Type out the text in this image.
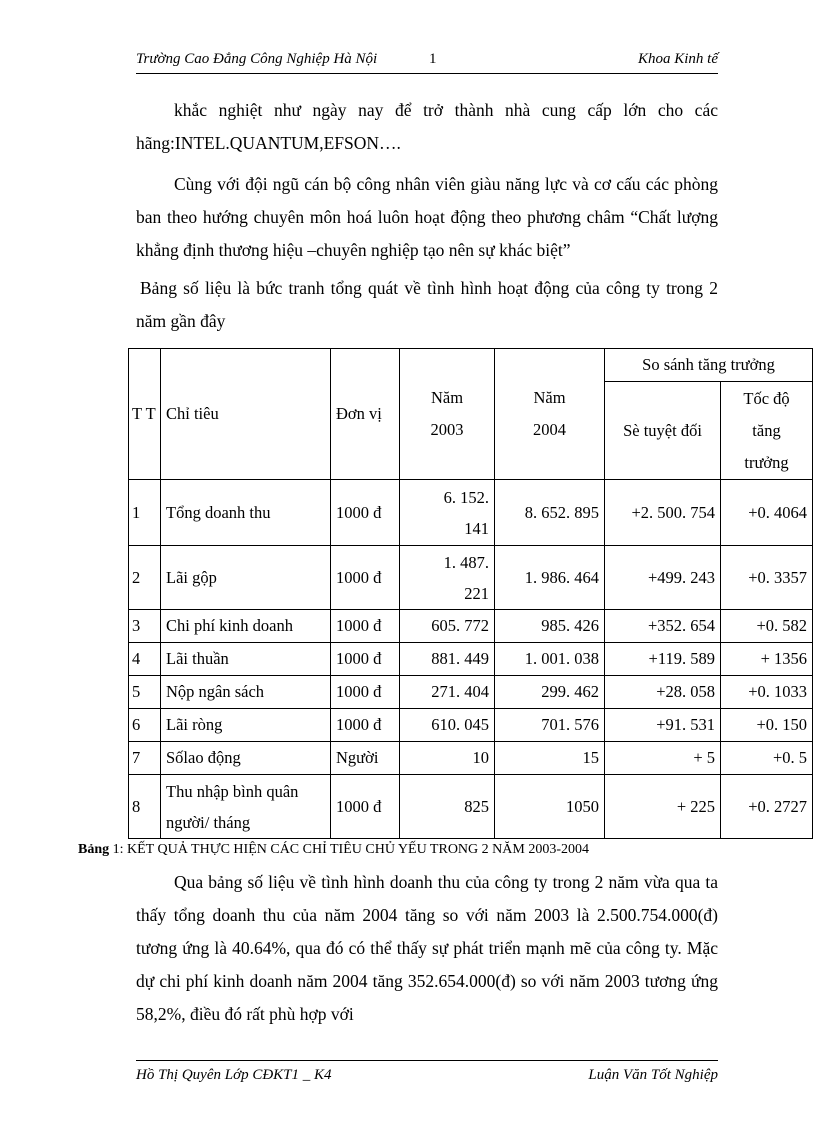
Trường Cao Đẳng Công Nghiệp Hà Nội	1	Khoa Kinh tế
khắc nghiệt như ngày nay để trở thành nhà cung cấp lớn cho các hãng:INTEL.QUANTUM,EFSON….
Cùng với đội ngũ cán bộ công nhân viên giàu năng lực và cơ cấu các phòng ban theo hướng chuyên môn hoá luôn hoạt động theo phương châm “Chất lượng khẳng định thương hiệu –chuyên nghiệp tạo nên sự khác biệt”
Bảng số liệu là bức tranh tổng quát về tình hình hoạt động của công ty trong 2 năm gần đây
T T	Chỉ tiêu	Đơn vị	Năm 2003	Năm 2004	So sánh tăng trưởng	
					Sè tuyệt đối	Tốc độ tăng trưởng
1	Tổng doanh thu	1000 đ	6. 152. 141	8. 652. 895	+2. 500. 754	+0. 4064
2	Lãi gộp	1000 đ	1. 487. 221	1. 986. 464	+499. 243	+0. 3357
3	Chi phí kinh doanh	1000 đ	605. 772	985. 426	+352. 654	+0. 582
4	Lãi thuần	1000 đ	881. 449	1. 001. 038	+119. 589	+ 1356
5	Nộp ngân sách	1000 đ	271. 404	299. 462	+28. 058	+0. 1033
6	Lãi ròng	1000 đ	610. 045	701. 576	+91. 531	+0. 150
7	Sốlao động	Người	10	15	+ 5	+0. 5
8	Thu nhập bình quân người/ tháng	1000 đ	825	1050	+ 225	+0. 2727
Bảng 1: KẾT QUẢ THỰC HIỆN CÁC CHỈ TIÊU CHỦ YẾU TRONG 2 NĂM 2003-2004
Qua bảng số liệu về tình hình doanh thu của công ty trong 2 năm vừa qua ta thấy tổng doanh thu của năm 2004 tăng so với năm 2003 là 2.500.754.000(đ) tương ứng là 40.64%, qua đó có thể thấy sự phát triển mạnh mẽ của công ty. Mặc dự chi phí kinh doanh năm 2004 tăng 352.654.000(đ) so với năm 2003 tương ứng 58,2%, điều đó rất phù hợp với
Hồ Thị Quyên Lớp CĐKT1 _ K4	Luận Văn Tốt Nghiệp
